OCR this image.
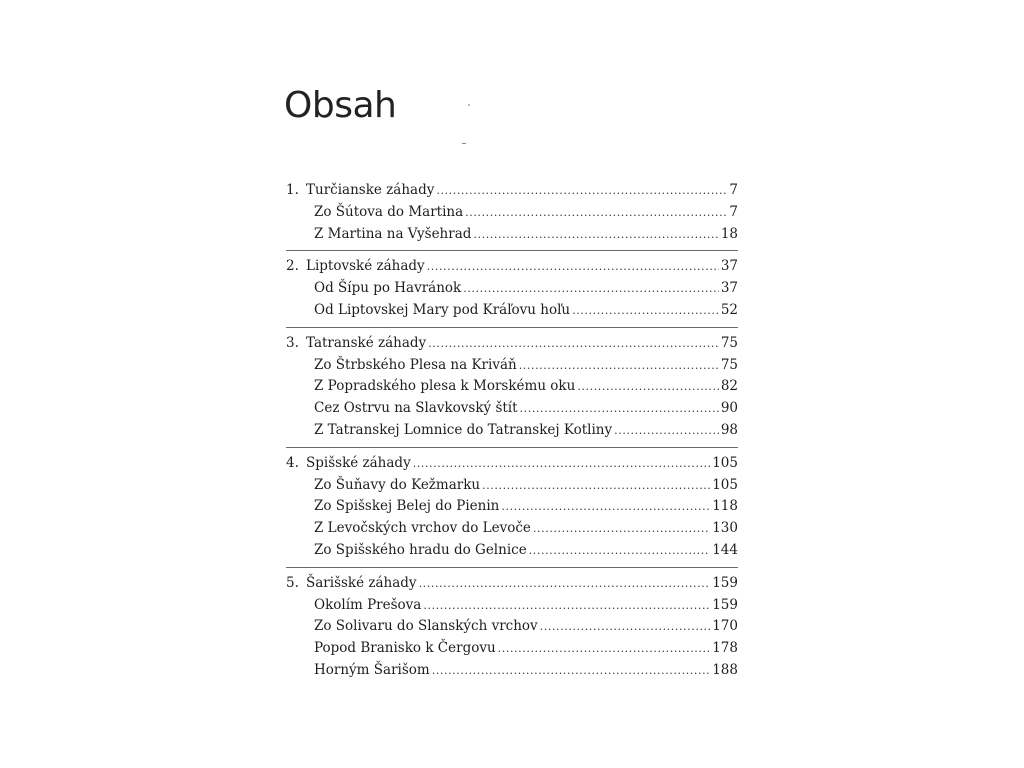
Obsah
1. Turčianske záhady .....	7
Zo Šútova do Martina .....	7
Z Martina na Vyšehrad .....	18
2. Liptovské záhady .....	37
Od Šípu po Havránok .....	37
Od Liptovskej Mary pod Kráľovu hoľu .....	52
3. Tatranské záhady .....	75
Zo Štrbského Plesa na Kriváň .....	75
Z Popradského plesa k Morskému oku .....	82
Cez Ostrvu na Slavkovský štít .....	90
Z Tatranskej Lomnice do Tatranskej Kotliny .....	98
4. Spišské záhady .....	105
Zo Šuňavy do Kežmarku .....	105
Zo Spišskej Belej do Pienin .....	118
Z Levočských vrchov do Levoče .....	130
Zo Spišského hradu do Gelnice .....	144
5. Šarišské záhady .....	159
Okolím Prešova .....	159
Zo Solivaru do Slanských vrchov .....	170
Popod Branisko k Čergovu .....	178
Horným Šarišom .....	188
